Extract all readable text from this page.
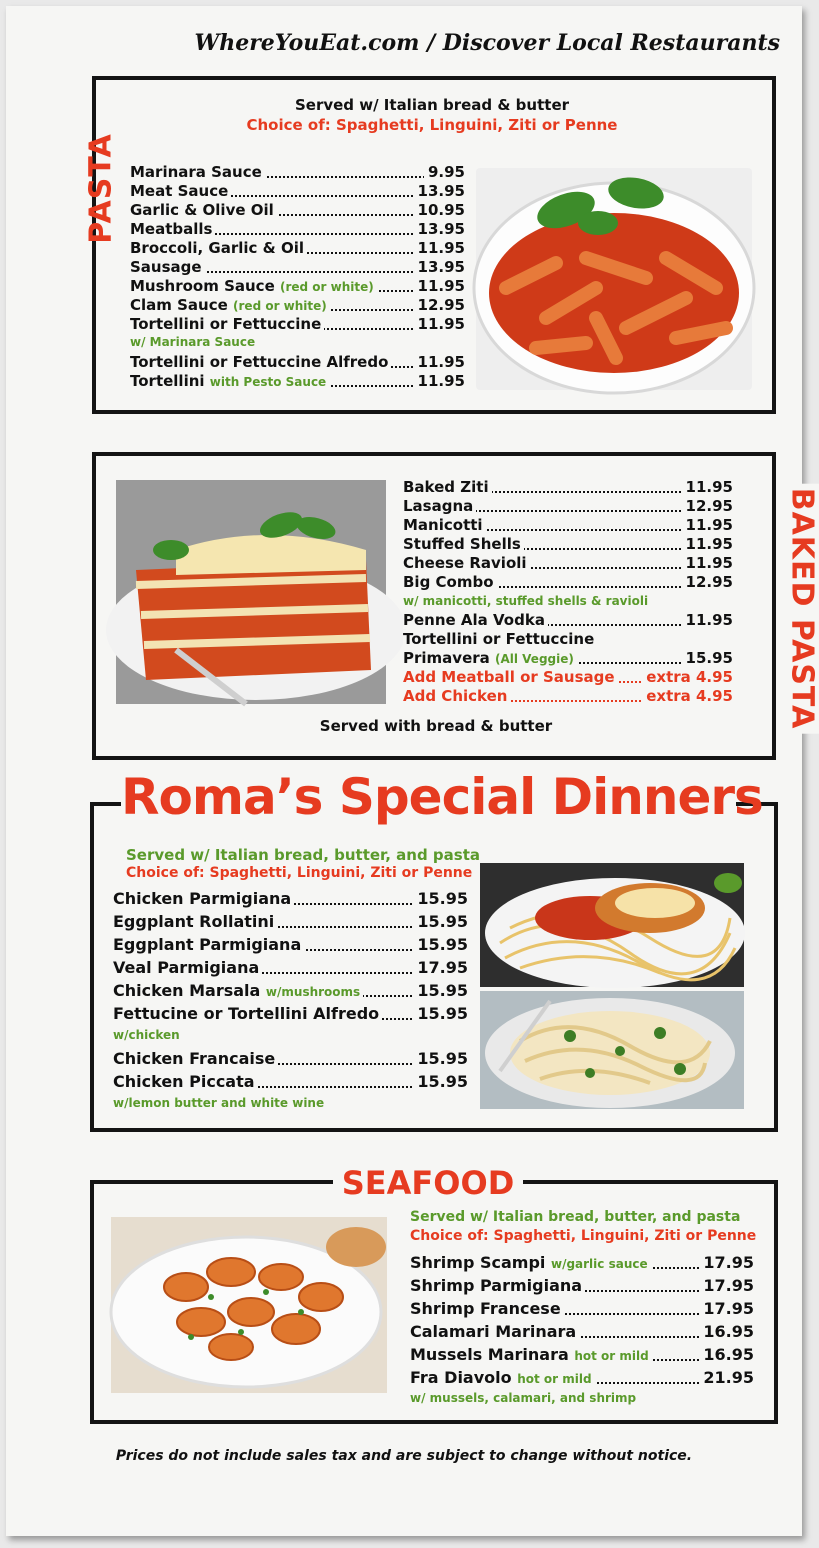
WhereYouEat.com / Discover Local Restaurants
PASTA
Served w/ Italian bread & butter
Choice of: Spaghetti, Linguini, Ziti or Penne
Marinara Sauce	9.95
Meat Sauce	13.95
Garlic & Olive Oil	10.95
Meatballs	13.95
Broccoli, Garlic & Oil	11.95
Sausage	13.95
Mushroom Sauce (red or white)	11.95
Clam Sauce (red or white)	12.95
Tortellini or Fettuccine	11.95
w/ Marinara Sauce
Tortellini or Fettuccine Alfredo 11.95
Tortellini with Pesto Sauce	11.95
BAKED PASTA
Baked Ziti	11.95
Lasagna	12.95
Manicotti	11.95
Stuffed Shells	11.95
Cheese Ravioli	11.95
Big Combo	12.95
w/ manicotti, stuffed shells & ravioli
Penne Ala Vodka	11.95
Tortellini or Fettuccine
Primavera (All Veggie)	15.95
Add Meatball or Sausage extra 4.95
Add Chicken	extra 4.95
Served with bread & butter
Roma’s Special Dinners
Served w/ Italian bread, butter, and pasta
Choice of: Spaghetti, Linguini, Ziti or Penne
Chicken Parmigiana	15.95
Eggplant Rollatini	15.95
Eggplant Parmigiana	15.95
Veal Parmigiana	17.95
Chicken Marsala w/mushrooms	15.95
Fettucine or Tortellini Alfredo 15.95
w/chicken
Chicken Francaise	15.95
Chicken Piccata	15.95
w/lemon butter and white wine
SEAFOOD
Served w/ Italian bread, butter, and pasta
Choice of: Spaghetti, Linguini, Ziti or Penne
Shrimp Scampi w/garlic sauce	17.95
Shrimp Parmigiana	17.95
Shrimp Francese	17.95
Calamari Marinara	16.95
Mussels Marinara hot or mild	16.95
Fra Diavolo hot or mild	21.95
w/ mussels, calamari, and shrimp
Prices do not include sales tax and are subject to change without notice.
